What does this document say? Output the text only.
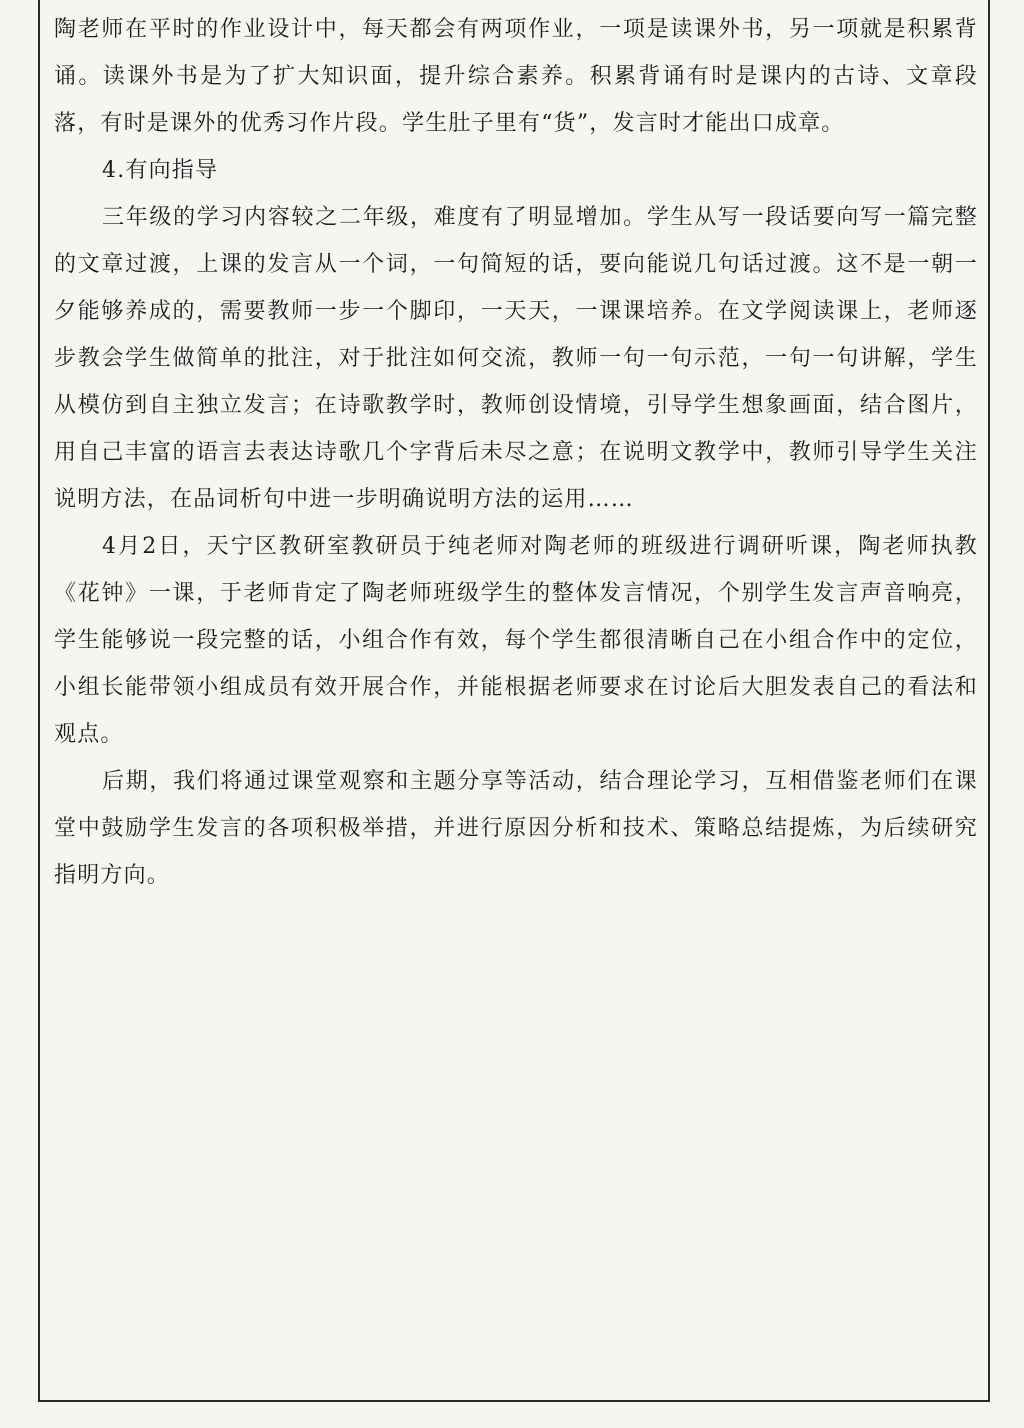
陶老师在平时的作业设计中，每天都会有两项作业，一项是读课外书，另一项就是积累背诵。读课外书是为了扩大知识面，提升综合素养。积累背诵有时是课内的古诗、文章段落，有时是课外的优秀习作片段。学生肚子里有“货”，发言时才能出口成章。

4.有向指导

三年级的学习内容较之二年级，难度有了明显增加。学生从写一段话要向写一篇完整的文章过渡，上课的发言从一个词，一句简短的话，要向能说几句话过渡。这不是一朝一夕能够养成的，需要教师一步一个脚印，一天天，一课课培养。在文学阅读课上，老师逐步教会学生做简单的批注，对于批注如何交流，教师一句一句示范，一句一句讲解，学生从模仿到自主独立发言；在诗歌教学时，教师创设情境，引导学生想象画面，结合图片，用自己丰富的语言去表达诗歌几个字背后未尽之意；在说明文教学中，教师引导学生关注说明方法，在品词析句中进一步明确说明方法的运用……

4月2日，天宁区教研室教研员于纯老师对陶老师的班级进行调研听课，陶老师执教《花钟》一课，于老师肯定了陶老师班级学生的整体发言情况，个别学生发言声音响亮，学生能够说一段完整的话，小组合作有效，每个学生都很清晰自己在小组合作中的定位，小组长能带领小组成员有效开展合作，并能根据老师要求在讨论后大胆发表自己的看法和观点。

后期，我们将通过课堂观察和主题分享等活动，结合理论学习，互相借鉴老师们在课堂中鼓励学生发言的各项积极举措，并进行原因分析和技术、策略总结提炼，为后续研究指明方向。
